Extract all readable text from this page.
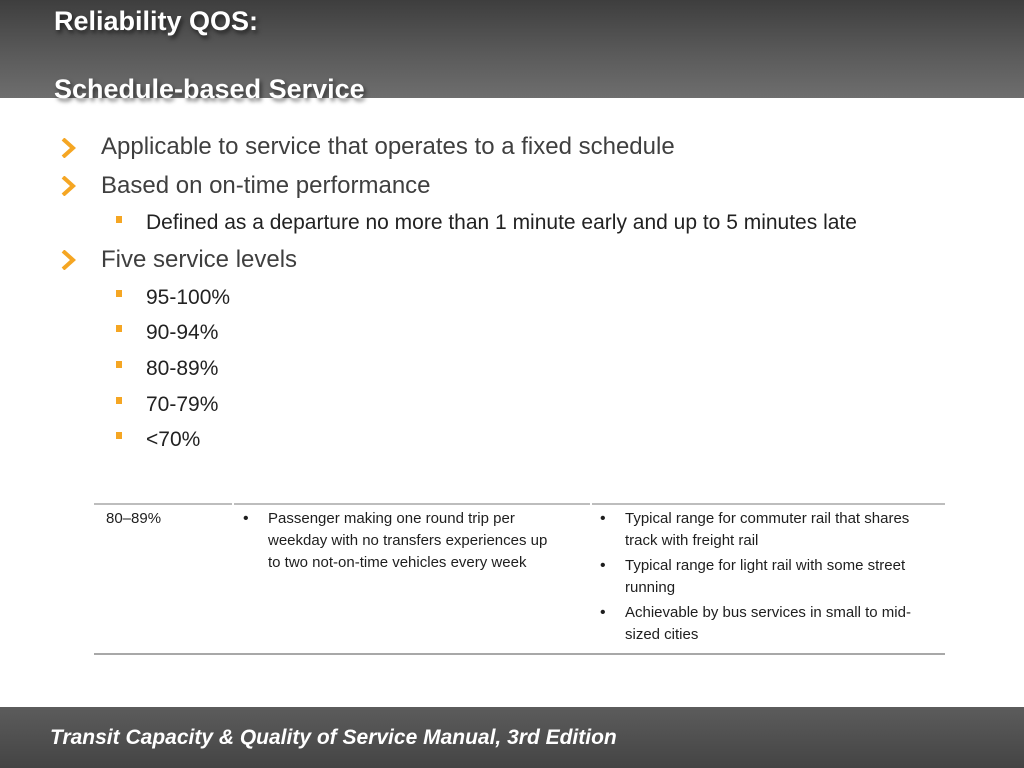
Reliability QOS:
Schedule-based Service
Applicable to service that operates to a fixed schedule
Based on on-time performance
Defined as a departure no more than 1 minute early and up to 5 minutes late
Five service levels
95-100%
90-94%
80-89%
70-79%
<70%
80–89%
•	Passenger making one round trip per weekday with no transfers experiences up to two not-on-time vehicles every week
• Typical range for commuter rail that shares track with freight rail
• Typical range for light rail with some street running
• Achievable by bus services in small to mid-sized cities
Transit Capacity & Quality of Service Manual, 3rd Edition
